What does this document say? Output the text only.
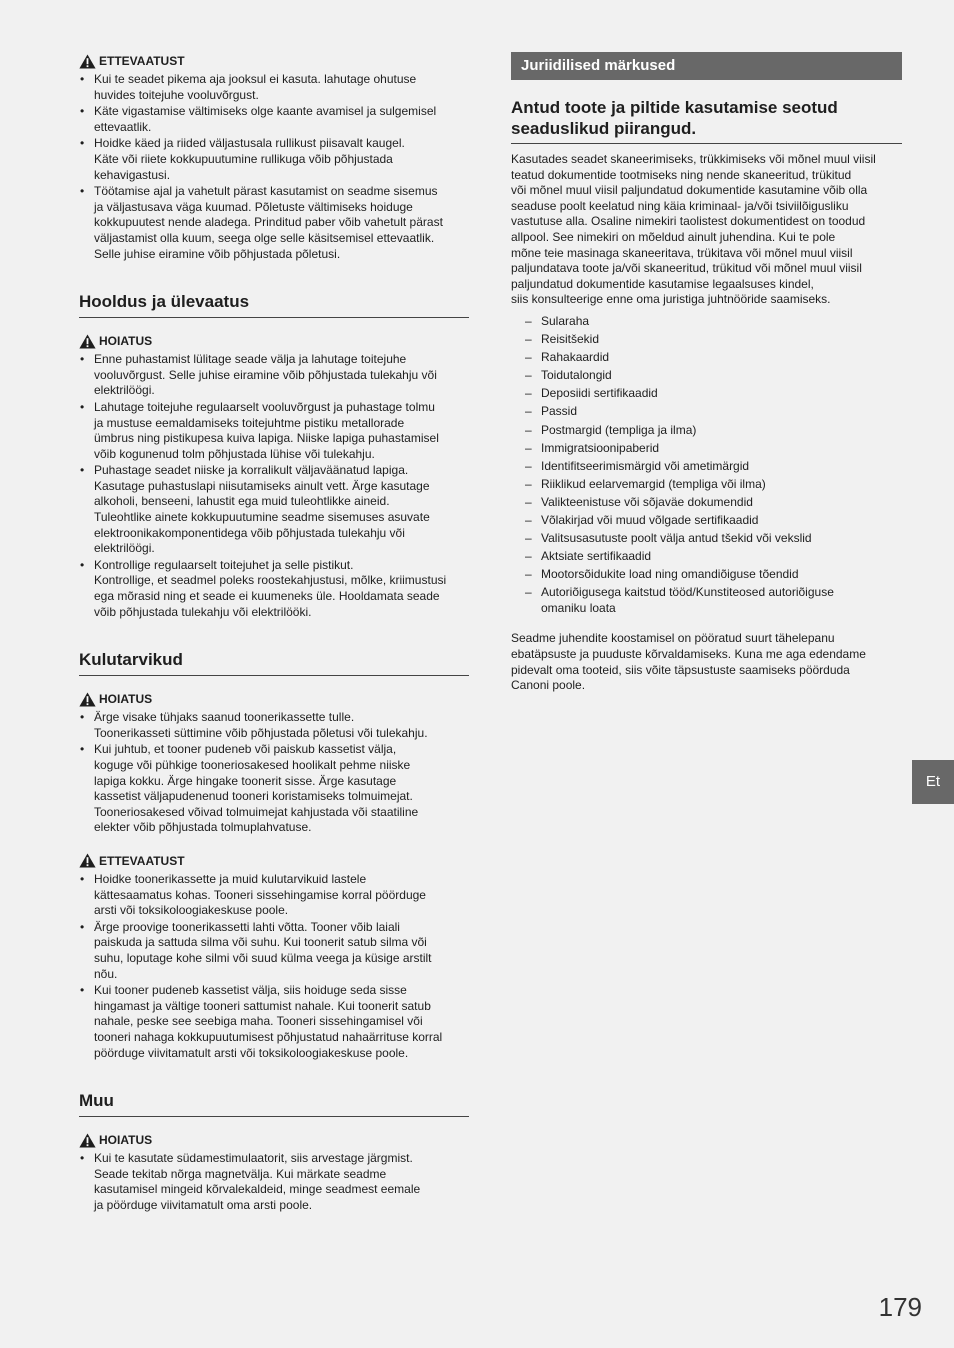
ETTEVAATUST
• Kui te seadet pikema aja jooksul ei kasuta. lahutage ohutuse
huvides toitejuhe vooluvõrgust.
• Käte vigastamise vältimiseks olge kaante avamisel ja sulgemisel
ettevaatlik.
• Hoidke käed ja riided väljastusala rullikust piisavalt kaugel.
Käte või riiete kokkupuutumine rullikuga võib põhjustada
kehavigastusi.
• Töötamise ajal ja vahetult pärast kasutamist on seadme sisemus
ja väljastusava väga kuumad. Põletuste vältimiseks hoiduge
kokkupuutest nende aladega. Prinditud paber võib vahetult pärast
väljastamist olla kuum, seega olge selle käsitsemisel ettevaatlik.
Selle juhise eiramine võib põhjustada põletusi.
Hooldus ja ülevaatus
HOIATUS
• Enne puhastamist lülitage seade välja ja lahutage toitejuhe
vooluvõrgust. Selle juhise eiramine võib põhjustada tulekahju või
elektrilöögi.
• Lahutage toitejuhe regulaarselt vooluvõrgust ja puhastage tolmu
ja mustuse eemaldamiseks toitejuhtme pistiku metallorade
ümbrus ning pistikupesa kuiva lapiga. Niiske lapiga puhastamisel
võib kogunenud tolm põhjustada lühise või tulekahju.
• Puhastage seadet niiske ja korralikult väljaväänatud lapiga.
Kasutage puhastuslapi niisutamiseks ainult vett. Ärge kasutage
alkoholi, benseeni, lahustit ega muid tuleohtlikke aineid.
Tuleohtlike ainete kokkupuutumine seadme sisemuses asuvate
elektroonikakomponentidega võib põhjustada tulekahju või
elektrilöögi.
• Kontrollige regulaarselt toitejuhet ja selle pistikut.
Kontrollige, et seadmel poleks roostekahjustusi, mõlke, kriimustusi
ega mõrasid ning et seade ei kuumeneks üle. Hooldamata seade
võib põhjustada tulekahju või elektrilööki.
Kulutarvikud
HOIATUS
• Ärge visake tühjaks saanud toonerikassette tulle.
Toonerikasseti süttimine võib põhjustada põletusi või tulekahju.
• Kui juhtub, et tooner pudeneb või paiskub kassetist välja,
koguge või pühkige tooneriosakesed hoolikalt pehme niiske
lapiga kokku. Ärge hingake toonerit sisse. Ärge kasutage
kassetist väljapudenenud tooneri koristamiseks tolmuimejat.
Tooneriosakesed võivad tolmuimejat kahjustada või staatiline
elekter võib põhjustada tolmuplahvatuse.
ETTEVAATUST
• Hoidke toonerikassette ja muid kulutarvikuid lastele
kättesaamatus kohas. Tooneri sissehingamise korral pöörduge
arsti või toksikoloogiakeskuse poole.
• Ärge proovige toonerikassetti lahti võtta. Tooner võib laiali
paiskuda ja sattuda silma või suhu. Kui toonerit satub silma või
suhu, loputage kohe silmi või suud külma veega ja küsige arstilt
nõu.
• Kui tooner pudeneb kassetist välja, siis hoiduge seda sisse
hingamast ja vältige tooneri sattumist nahale. Kui toonerit satub
nahale, peske see seebiga maha. Tooneri sissehingamisel või
tooneri nahaga kokkupuutumisest põhjustatud nahaärrituse korral
pöörduge viivitamatult arsti või toksikoloogiakeskuse poole.
Muu
HOIATUS
• Kui te kasutate südamestimulaatorit, siis arvestage järgmist.
Seade tekitab nõrga magnetvälja. Kui märkate seadme
kasutamisel mingeid kõrvalekaldeid, minge seadmest eemale
ja pöörduge viivitamatult oma arsti poole.
Juriidilised märkused
Antud toote ja piltide kasutamise seotud
seaduslikud piirangud.
Kasutades seadet skaneerimiseks, trükkimiseks või mõnel muul viisil
teatud dokumentide tootmiseks ning nende skaneeritud, trükitud
või mõnel muul viisil paljundatud dokumentide kasutamine võib olla
seaduse poolt keelatud ning käia kriminaal- ja/või tsiviilõigusliku
vastutuse alla. Osaline nimekiri taolistest dokumentidest on toodud
allpool. See nimekiri on mõeldud ainult juhendina. Kui te pole
mõne teie masinaga skaneeritava, trükitava või mõnel muul viisil
paljundatava toote ja/või skaneeritud, trükitud või mõnel muul viisil
paljundatud dokumentide kasutamise legaalsuses kindel,
siis konsulteerige enne oma juristiga juhtnööride saamiseks.
– Sularaha
– Reisitšekid
– Rahakaardid
– Toidutalongid
– Deposiidi sertifikaadid
– Passid
– Postmargid (templiga ja ilma)
– Immigratsioonipaberid
– Identifitseerimismärgid või ametimärgid
– Riiklikud eelarvemargid (templiga või ilma)
– Valikteenistuse või sõjaväe dokumendid
– Võlakirjad või muud võlgade sertifikaadid
– Valitsusasutuste poolt välja antud tšekid või vekslid
– Aktsiate sertifikaadid
– Mootorsõidukite load ning omandiõiguse tõendid
– Autoriõigusega kaitstud tööd/Kunstiteosed autoriõiguse
omaniku loata
Seadme juhendite koostamisel on pööratud suurt tähelepanu
ebatäpsuste ja puuduste kõrvaldamiseks. Kuna me aga edendame
pidevalt oma tooteid, siis võite täpsustuste saamiseks pöörduda
Canoni poole.
Et
179
